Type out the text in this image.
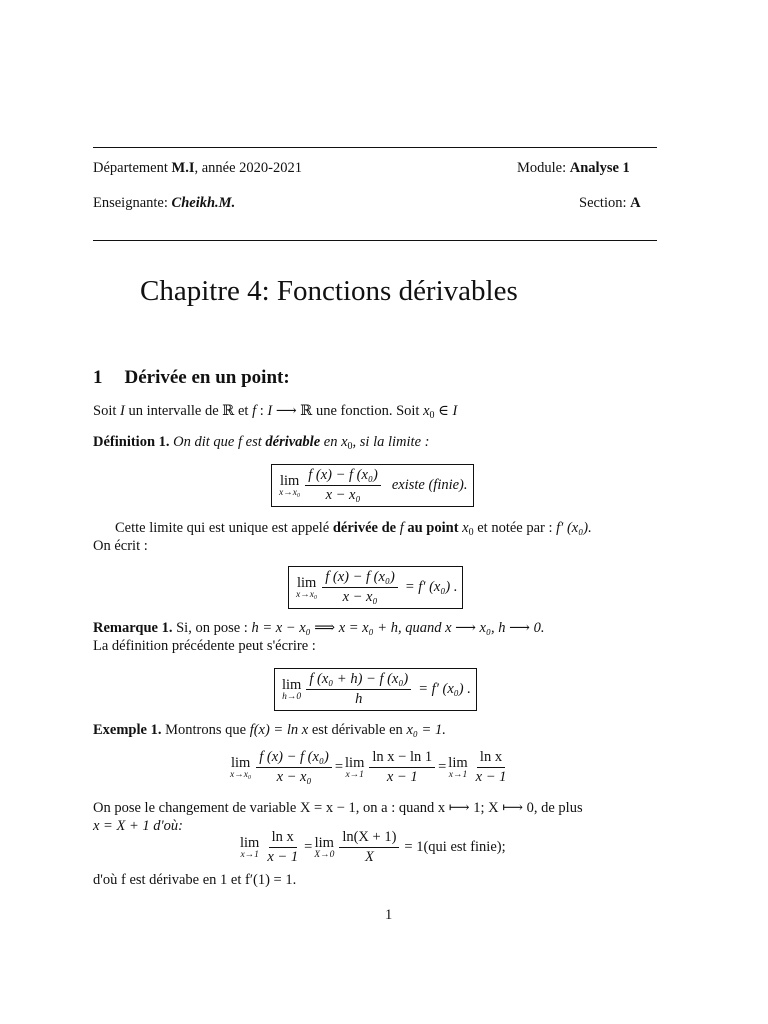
Département M.I, année 2020-2021	Module: Analyse 1
Enseignante: Cheikh.M.	Section: A
Chapitre 4: Fonctions dérivables
1 Dérivée en un point:
Soit I un intervalle de ℝ et f : I ⟶ ℝ une fonction. Soit $x_0$ ∈ I
Définition 1. On dit que f est dérivable en $x_0$, si la limite :
lim
$x\to x_0 \frac{\text{f (x) − f (x₀)}}{\text{x − x₀}}$ existe (finie).
Cette limite qui est unique est appelé dérivée de f au point $x_0$ et notée par : f′ (x₀).
On écrit :
lim
$x\to x_0 \frac{\text{f (x) − f (x₀)}}{\text{x − x₀}} = f'$ (x₀) .
Remarque 1. Si, on pose : h = x − x₀ ⟹ x = x₀ + h, quand x ⟶ x₀, h ⟶ 0.
La définition précédente peut s'écrire :
lim
$h\to 0 \frac{\text{f (x₀ + h) − f (x₀)}}{h} = f'$ (x₀) .
Exemple 1. Montrons que f(x) = ln x est dérivable en x₀ = 1.
lim
$x\to x_0 \frac{\text{f (x) − f (x₀)}}{\text{x − x₀}} = \lim$
$x\to 1 \frac{\text{ln x − ln 1}}{x - 1} = \lim$
$x\to 1 \frac{\text{ln x}}{x - 1}$
On pose le changement de variable X = x − 1, on a : quand x ⟼ 1; X ⟼ 0, de plus
x = X + 1 d'où:
lim
$x\to 1 \frac{\text{ln x}}{x - 1} = \lim$
$X\to 0 \frac{\ln(X + 1)}{X} = 1(qui$ est finie);
d'où f est dérivabe en 1 et f′(1) = 1.
1
